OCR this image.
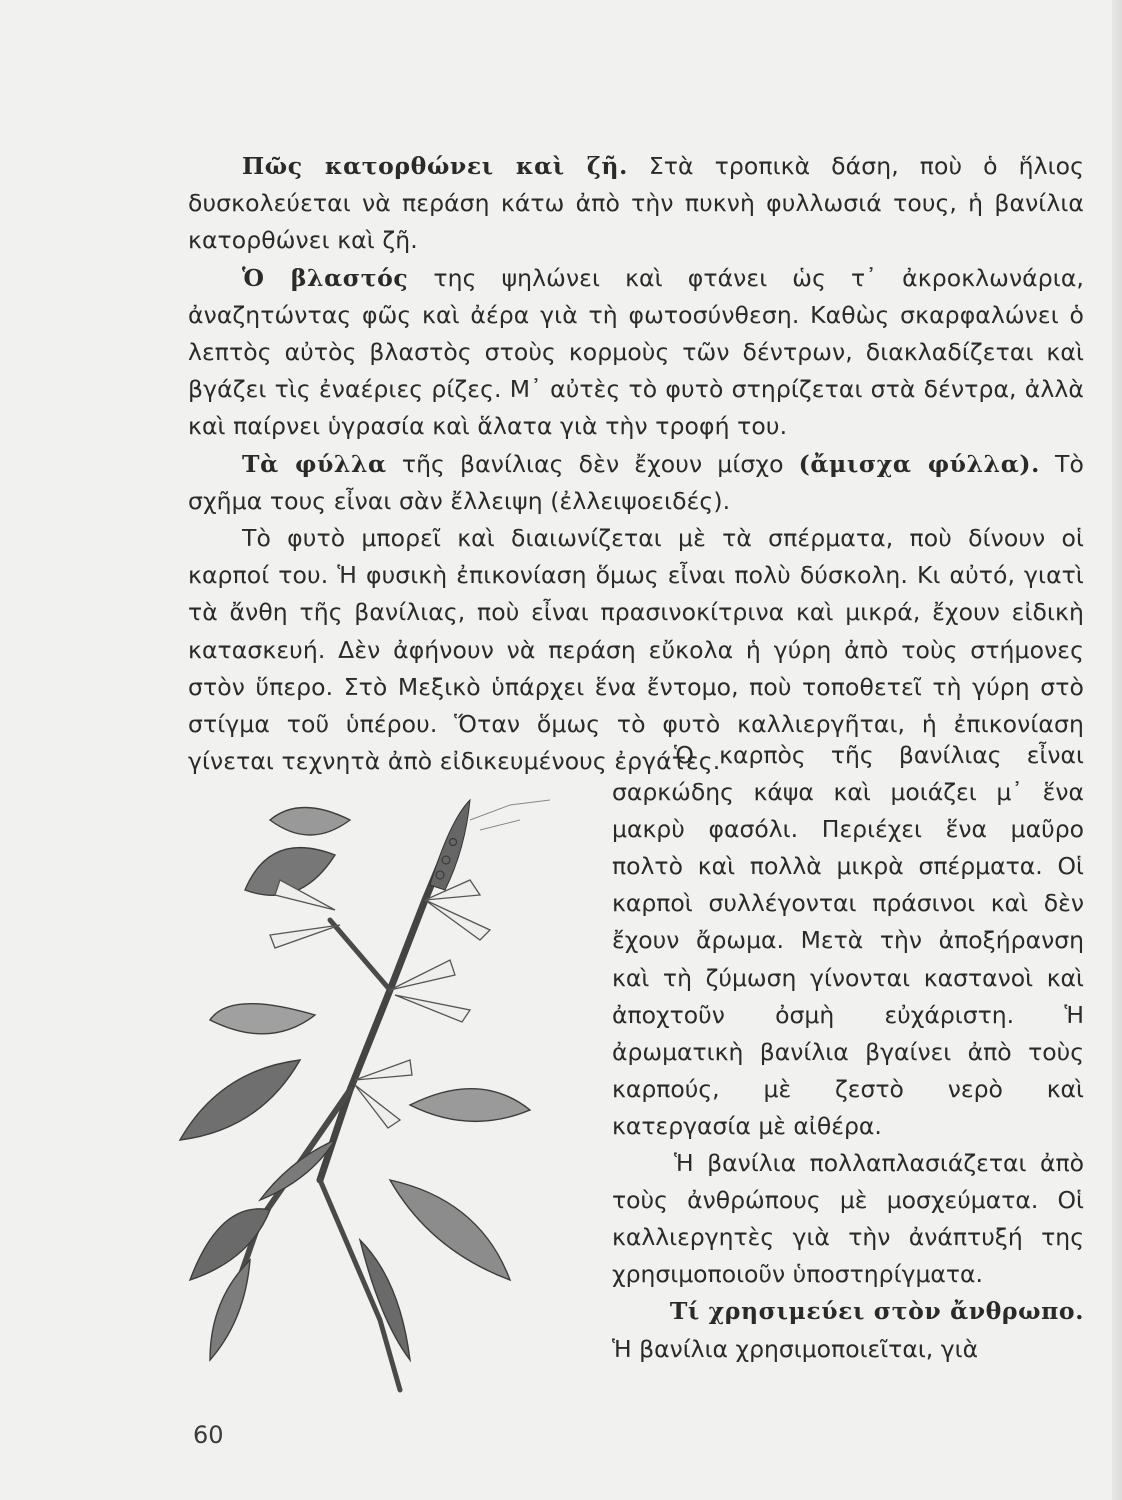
Πῶς κατορθώνει καὶ ζῆ. Στὰ τροπικὰ δάση, ποὺ ὁ ἥλιος δυσκολεύεται νὰ περάση κάτω ἀπὸ τὴν πυκνὴ φυλλωσιά τους, ἡ βανίλια κατορθώνει καὶ ζῆ.

Ὁ βλαστός της ψηλώνει καὶ φτάνει ὡς τ᾿ ἀκροκλωνάρια, ἀναζητώντας φῶς καὶ ἀέρα γιὰ τὴ φωτοσύνθεση. Καθὼς σκαρφαλώνει ὁ λεπτὸς αὐτὸς βλαστὸς στοὺς κορμοὺς τῶν δέντρων, διακλαδίζεται καὶ βγάζει τὶς ἐναέριες ρίζες. Μ᾿ αὐτὲς τὸ φυτὸ στηρίζεται στὰ δέντρα, ἀλλὰ καὶ παίρνει ὑγρασία καὶ ἅλατα γιὰ τὴν τροφή του.

Τὰ φύλλα τῆς βανίλιας δὲν ἔχουν μίσχο (ἄμισχα φύλλα). Τὸ σχῆμα τους εἶναι σὰν ἔλλειψη (ἐλλειψοειδές).

Τὸ φυτὸ μπορεῖ καὶ διαιωνίζεται μὲ τὰ σπέρματα, ποὺ δίνουν οἱ καρποί του. Ἡ φυσικὴ ἐπικονίαση ὅμως εἶναι πολὺ δύσκολη. Κι αὐτό, γιατὶ τὰ ἄνθη τῆς βανίλιας, ποὺ εἶναι πρασινοκίτρινα καὶ μικρά, ἔχουν εἰδικὴ κατασκευή. Δὲν ἀφήνουν νὰ περάση εὔκολα ἡ γύρη ἀπὸ τοὺς στήμονες στὸν ὕπερο. Στὸ Μεξικὸ ὑπάρχει ἕνα ἔντομο, ποὺ τοποθετεῖ τὴ γύρη στὸ στίγμα τοῦ ὑπέρου. Ὅταν ὅμως τὸ φυτὸ καλλιεργῆται, ἡ ἐπικονίαση γίνεται τεχνητὰ ἀπὸ εἰδικευμένους ἐργάτες.

Ὁ καρπὸς τῆς βανίλιας εἶναι σαρκώδης κάψα καὶ μοιάζει μ᾿ ἕνα μακρὺ φασόλι. Περιέχει ἕνα μαῦρο πολτὸ καὶ πολλὰ μικρὰ σπέρματα. Οἱ καρποὶ συλλέγονται πράσινοι καὶ δὲν ἔχουν ἄρωμα. Μετὰ τὴν ἀποξήρανση καὶ τὴ ζύμωση γίνονται καστανοὶ καὶ ἀποχτοῦν ὀσμὴ εὐχάριστη. Ἡ ἀρωματικὴ βανίλια βγαίνει ἀπὸ τοὺς καρπούς, μὲ ζεστὸ νερὸ καὶ κατεργασία μὲ αἰθέρα.

Ἡ βανίλια πολλαπλασιάζεται ἀπὸ τοὺς ἀνθρώπους μὲ μοσχεύματα. Οἱ καλλιεργητὲς γιὰ τὴν ἀνάπτυξή της χρησιμοποιοῦν ὑποστηρίγματα.

Τί χρησιμεύει στὸν ἄνθρωπο.

Ἡ βανίλια χρησιμοποιεῖται, γιὰ

60
